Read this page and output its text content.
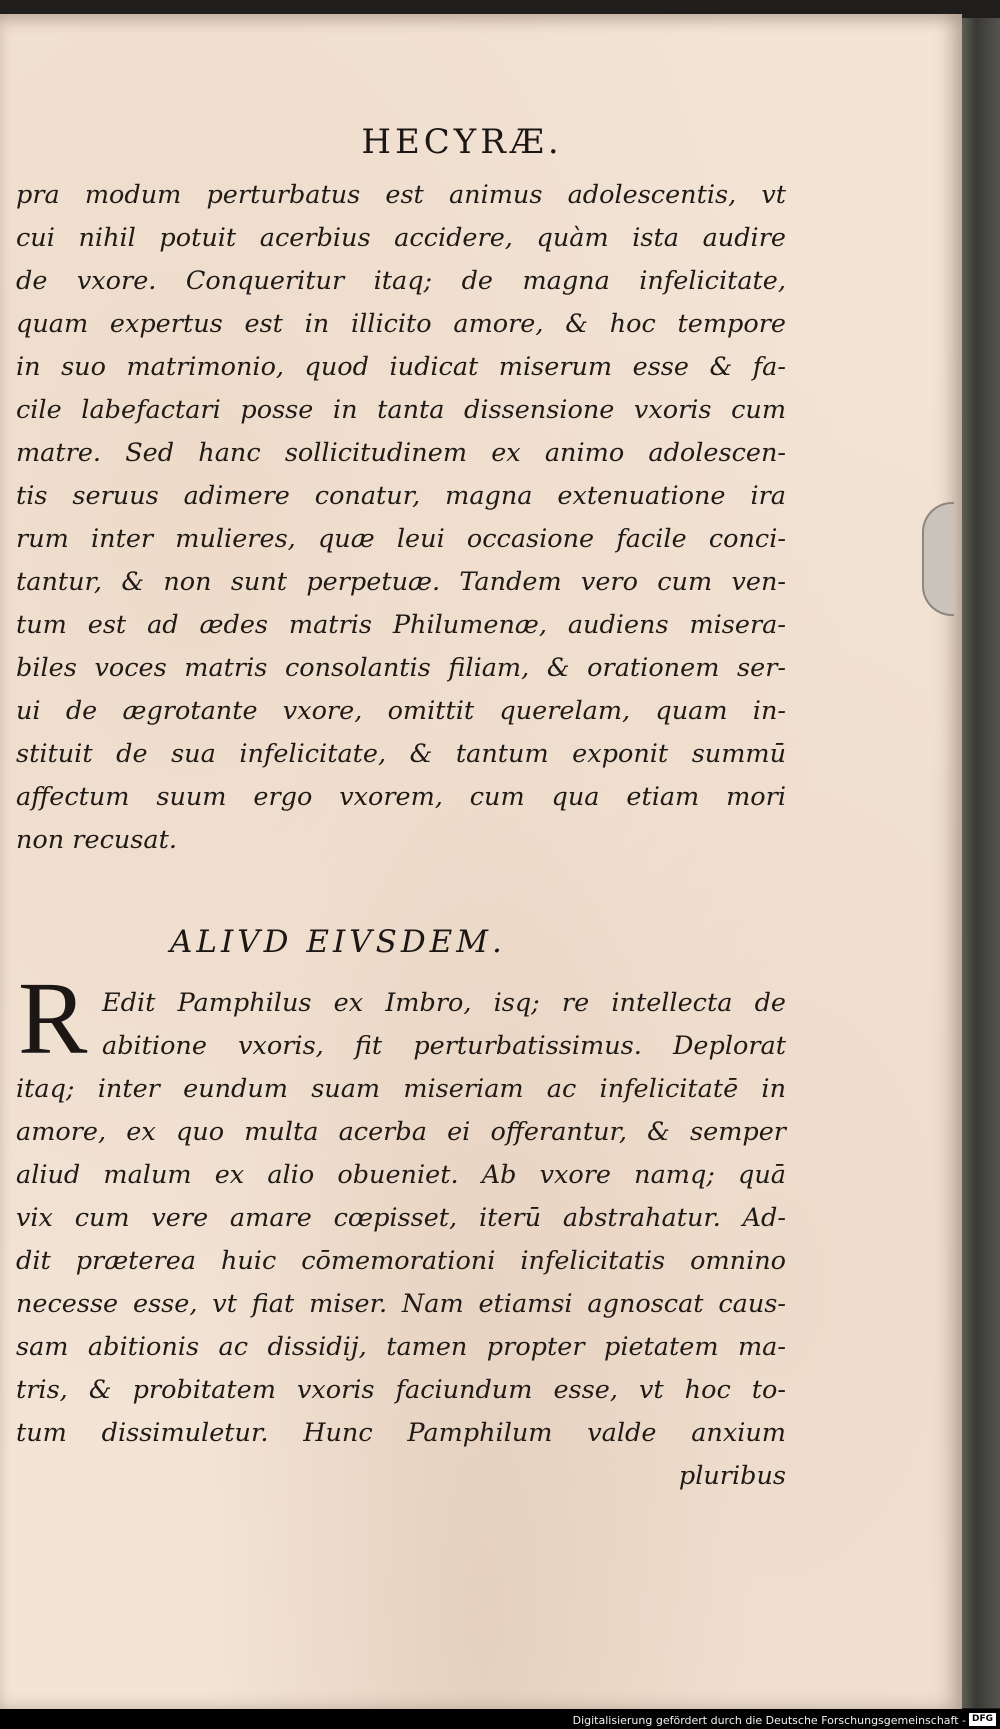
HECYRÆ.
pra modum perturbatus est animus adolescentis, vt
cui nihil potuit acerbius accidere, quàm ista audire
de vxore. Conqueritur itaq; de magna infelicitate,
quam expertus est in illicito amore, & hoc tempore
in suo matrimonio, quod iudicat miserum esse & fa-
cile labefactari posse in tanta dissensione vxoris cum
matre. Sed hanc sollicitudinem ex animo adolescen-
tis seruus adimere conatur, magna extenuatione ira
rum inter mulieres, quæ leui occasione facile conci-
tantur, & non sunt perpetuæ. Tandem vero cum ven-
tum est ad ædes matris Philumenæ, audiens misera-
biles voces matris consolantis filiam, & orationem ser-
ui de ægrotante vxore, omittit querelam, quam in-
stituit de sua infelicitate, & tantum exponit summū
affectum suum ergo vxorem, cum qua etiam mori
non recusat.
ALIVD EIVSDEM.
R Edit Pamphilus ex Imbro, isq; re intellecta de
abitione vxoris, fit perturbatissimus. Deplorat
itaq; inter eundum suam miseriam ac infelicitatē in
amore, ex quo multa acerba ei offerantur, & semper
aliud malum ex alio obueniet. Ab vxore namq; quā
vix cum vere amare cœpisset, iterū abstrahatur. Ad-
dit præterea huic cōmemorationi infelicitatis omnino
necesse esse, vt fiat miser. Nam etiamsi agnoscat caus-
sam abitionis ac dissidij, tamen propter pietatem ma-
tris, & probitatem vxoris faciundum esse, vt hoc to-
tum dissimuletur. Hunc Pamphilum valde anxium
pluribus
Digitalisierung gefördert durch die Deutsche Forschungsgemeinschaft - DFG
